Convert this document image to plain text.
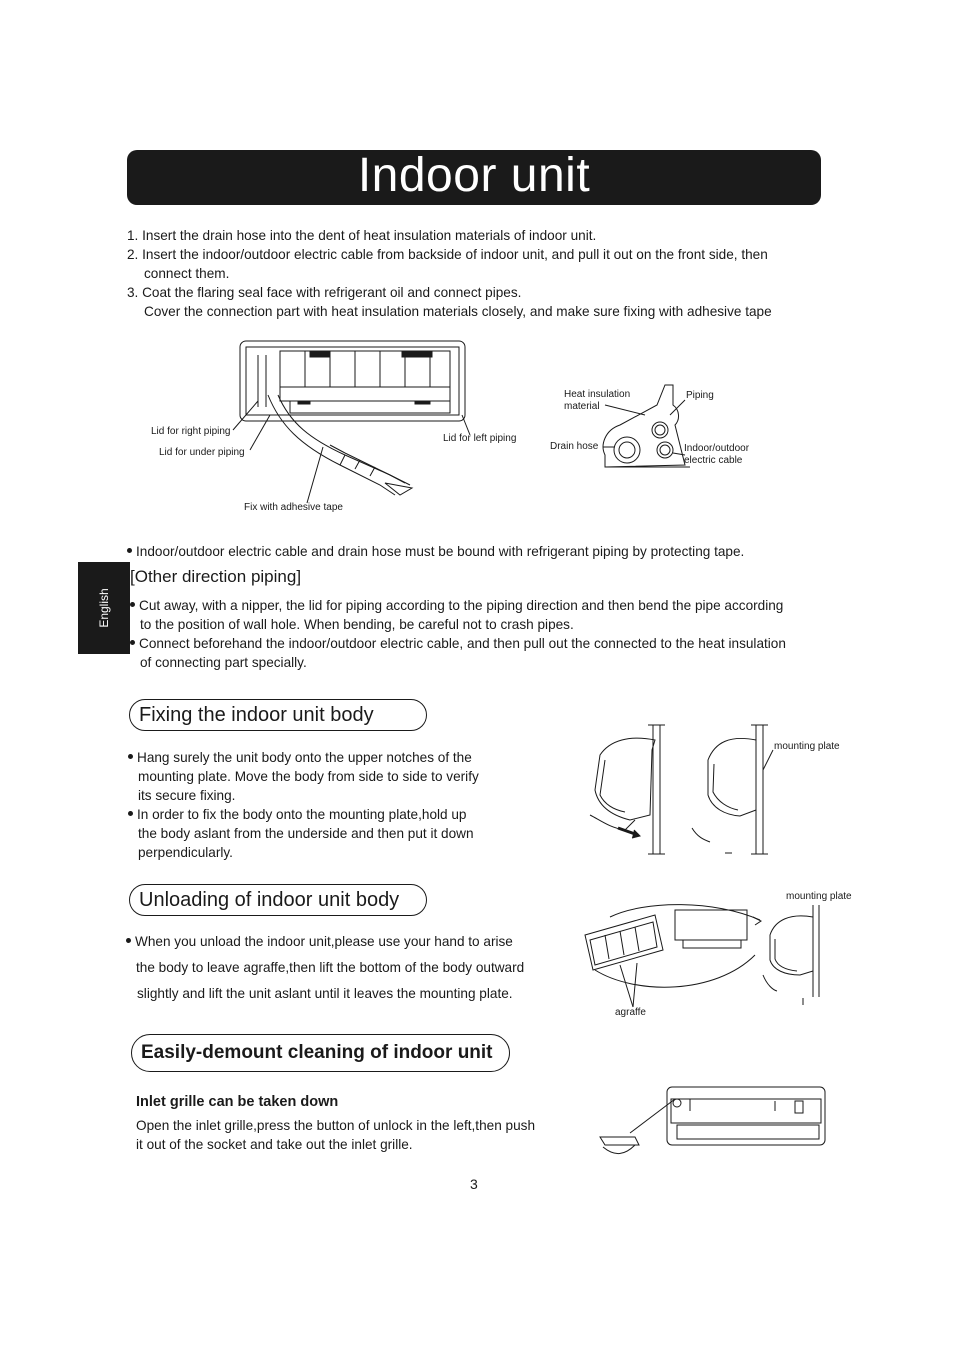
Indoor unit
1. Insert the drain hose into the dent of heat insulation materials of indoor unit.
2. Insert the indoor/outdoor electric cable from backside of indoor unit, and pull it out on the front side, then
connect them.
3. Coat the flaring seal face with refrigerant oil and connect pipes.
Cover the connection part with heat insulation materials closely, and make sure fixing with adhesive tape
Lid for right piping
Lid for under piping
Lid for left piping
Fix with adhesive tape
Heat insulation
material
Piping
Drain hose	Indoor/outdoor
electric cable
Indoor/outdoor electric cable and drain hose must be bound with refrigerant piping by protecting tape.
English
[Other direction piping]
Cut away, with a nipper, the lid for piping according to the piping direction and then bend the pipe according
to the position of wall hole. When bending, be careful not to crash pipes.
Connect beforehand the indoor/outdoor electric cable, and then pull out the connected to the heat insulation
of connecting part specially.
Fixing the indoor unit body
Hang surely the unit body onto the upper notches of the
mounting plate. Move the body from side to side to verify
its secure fixing.
In order to fix the body onto the mounting plate,hold up
the body aslant from the underside and then put it down
perpendicularly.
mounting plate
Unloading of indoor unit body
When you unload the indoor unit,please use your hand to arise
the body to leave agraffe,then lift the bottom of the body outward
slightly and lift the unit aslant until it leaves the mounting plate.
mounting plate
agraffe
Easily-demount cleaning of indoor unit
Inlet grille can be taken down
Open the inlet grille,press the button of unlock in the left,then push
it out of the socket and take out the inlet grille.
3
